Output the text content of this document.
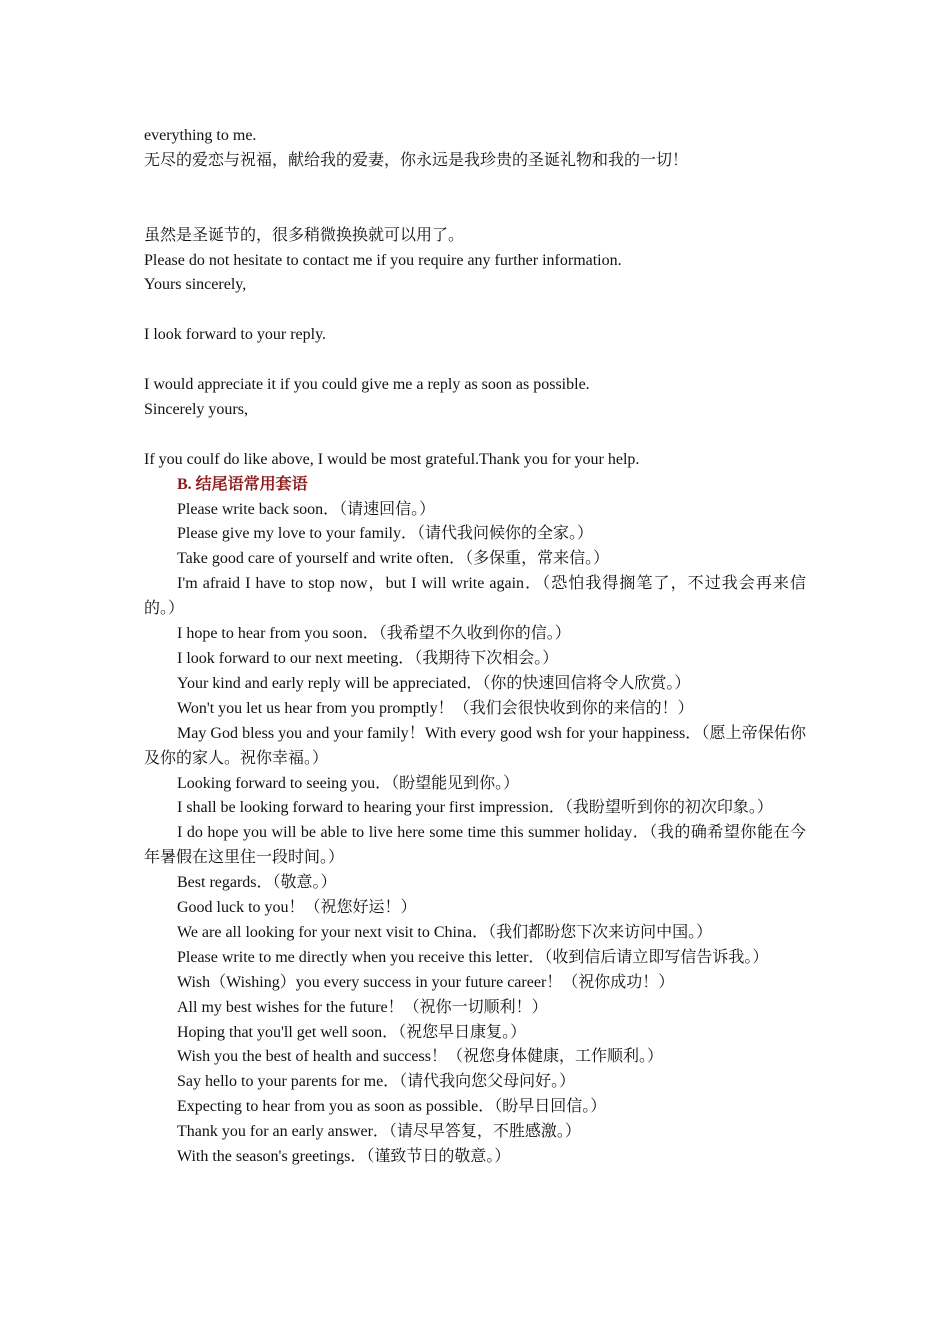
everything to me.

无尽的爱恋与祝福，献给我的爱妻，你永远是我珍贵的圣诞礼物和我的一切！

虽然是圣诞节的，很多稍微换换就可以用了。

Please do not hesitate to contact me if you require any further information.

Yours sincerely,

I look forward to your reply.

I would appreciate it if you could give me a reply as soon as possible.

Sincerely yours,

If you coulf do like above, I would be most grateful.Thank you for your help.

B. 结尾语常用套语

Please write back soon．（请速回信。）

Please give my love to your family．（请代我问候你的全家。）

Take good care of yourself and write often．（多保重，常来信。）

I'm afraid I have to stop now，but I will write again．（恐怕我得搁笔了，不过我会再来信的。）

I hope to hear from you soon．（我希望不久收到你的信。）

I look forward to our next meeting．（我期待下次相会。）

Your kind and early reply will be appreciated．（你的快速回信将令人欣赏。）

Won't you let us hear from you promptly！（我们会很快收到你的来信的！）

May God bless you and your family！With every good wsh for your happiness．（愿上帝保佑你及你的家人。祝你幸福。）

Looking forward to seeing you．（盼望能见到你。）

I shall be looking forward to hearing your first impression．（我盼望听到你的初次印象。）

I do hope you will be able to live here some time this summer holiday．（我的确希望你能在今年暑假在这里住一段时间。）

Best regards．（敬意。）

Good luck to you！（祝您好运！）

We are all looking for your next visit to China．（我们都盼您下次来访问中国。）

Please write to me directly when you receive this letter．（收到信后请立即写信告诉我。）

Wish（Wishing）you every success in your future career！（祝你成功！）

All my best wishes for the future！（祝你一切顺利！）

Hoping that you'll get well soon．（祝您早日康复。）

Wish you the best of health and success！（祝您身体健康，工作顺利。）

Say hello to your parents for me．（请代我向您父母问好。）

Expecting to hear from you as soon as possible．（盼早日回信。）

Thank you for an early answer．（请尽早答复，不胜感激。）

With the season's greetings．（谨致节日的敬意。）
